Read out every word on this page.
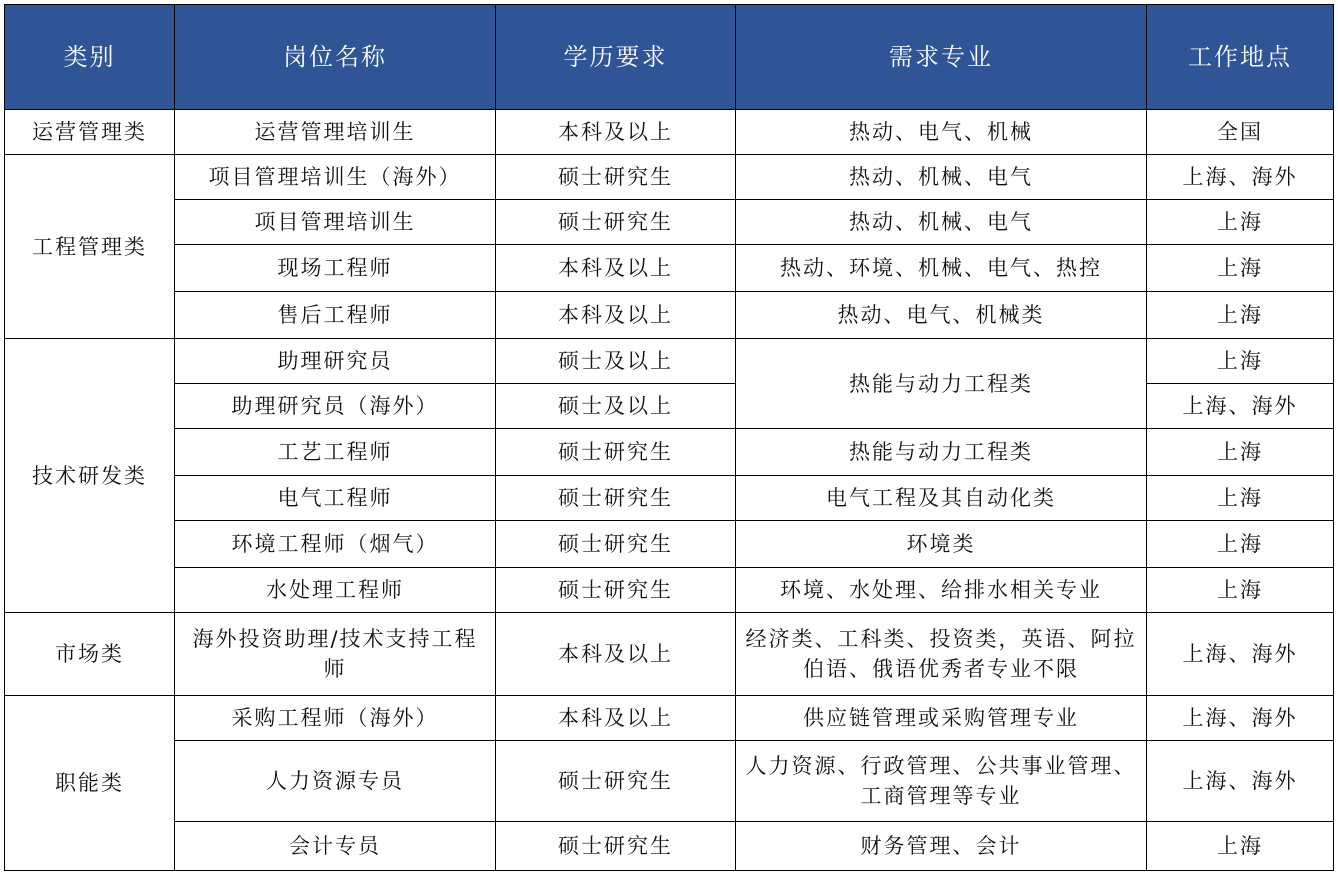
类别	岗位名称	学历要求	需求专业	工作地点
运营管理类	运营管理培训生	本科及以上	热动、电气、机械	全国
工程管理类	项目管理培训生（海外）	硕士研究生	热动、机械、电气	上海、海外
	项目管理培训生	硕士研究生	热动、机械、电气	上海
	现场工程师	本科及以上	热动、环境、机械、电气、热控	上海
	售后工程师	本科及以上	热动、电气、机械类	上海
技术研发类	助理研究员	硕士及以上	热能与动力工程类	上海
	助理研究员（海外）	硕士及以上		上海、海外
	工艺工程师	硕士研究生	热能与动力工程类	上海
	电气工程师	硕士研究生	电气工程及其自动化类	上海
	环境工程师（烟气）	硕士研究生	环境类	上海
	水处理工程师	硕士研究生	环境、水处理、给排水相关专业	上海
市场类	海外投资助理/技术支持工程师	本科及以上	经济类、工科类、投资类，英语、阿拉伯语、俄语优秀者专业不限	上海、海外
职能类	采购工程师（海外）	本科及以上	供应链管理或采购管理专业	上海、海外
	人力资源专员	硕士研究生	人力资源、行政管理、公共事业管理、工商管理等专业	上海、海外
	会计专员	硕士研究生	财务管理、会计	上海
